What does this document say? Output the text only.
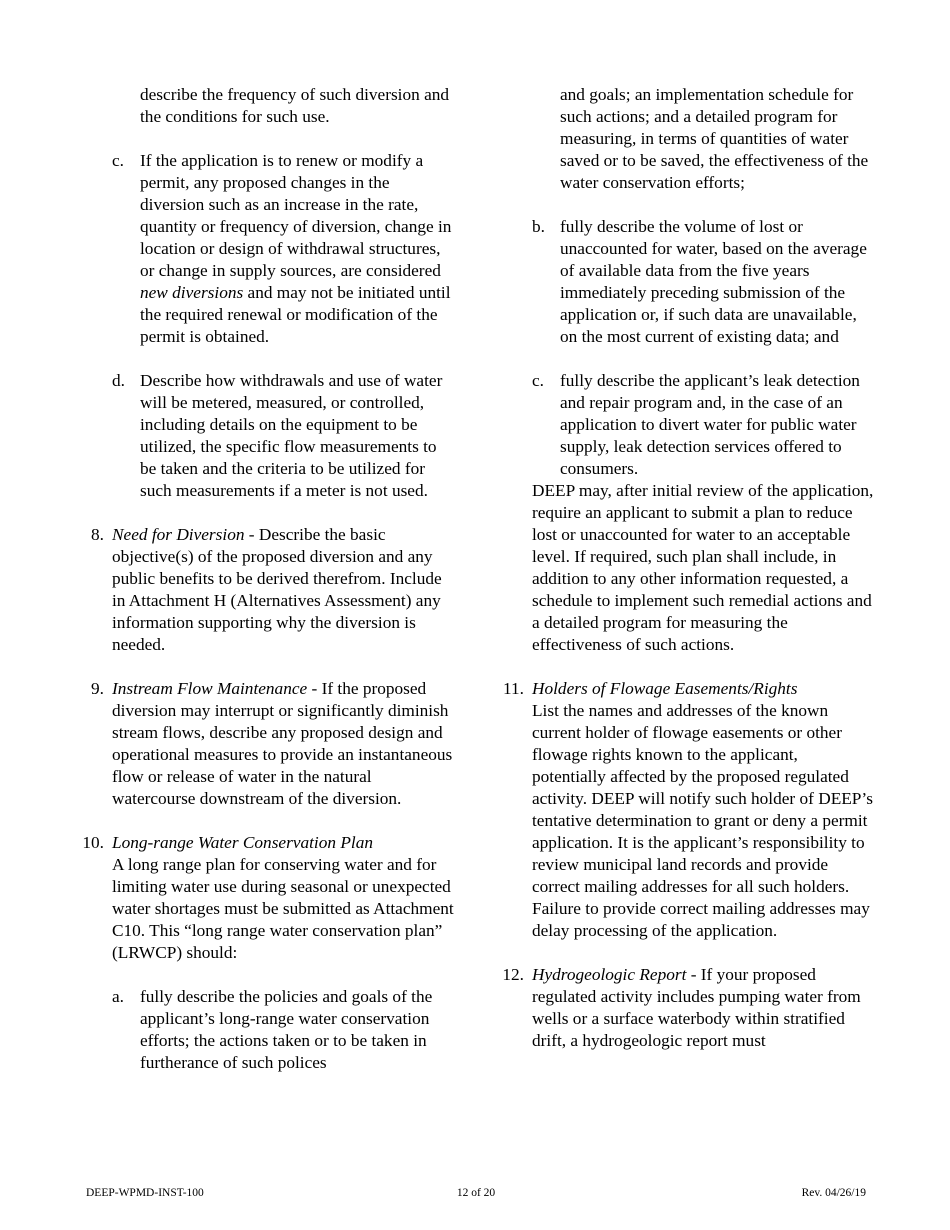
describe the frequency of such diversion and the conditions for such use.

c. If the application is to renew or modify a permit, any proposed changes in the diversion such as an increase in the rate, quantity or frequency of diversion, change in location or design of withdrawal structures, or change in supply sources, are considered new diversions and may not be initiated until the required renewal or modification of the permit is obtained.

d. Describe how withdrawals and use of water will be metered, measured, or controlled, including details on the equipment to be utilized, the specific flow measurements to be taken and the criteria to be utilized for such measurements if a meter is not used.

8. Need for Diversion - Describe the basic objective(s) of the proposed diversion and any public benefits to be derived therefrom. Include in Attachment H (Alternatives Assessment) any information supporting why the diversion is needed.

9. Instream Flow Maintenance - If the proposed diversion may interrupt or significantly diminish stream flows, describe any proposed design and operational measures to provide an instantaneous flow or release of water in the natural watercourse downstream of the diversion.

10. Long-range Water Conservation Plan

A long range plan for conserving water and for limiting water use during seasonal or unexpected water shortages must be submitted as Attachment C10. This “long range water conservation plan” (LRWCP) should:

a. fully describe the policies and goals of the applicant’s long-range water conservation efforts; the actions taken or to be taken in furtherance of such polices

and goals; an implementation schedule for such actions; and a detailed program for measuring, in terms of quantities of water saved or to be saved, the effectiveness of the water conservation efforts;

b. fully describe the volume of lost or unaccounted for water, based on the average of available data from the five years immediately preceding submission of the application or, if such data are unavailable, on the most current of existing data; and

c. fully describe the applicant’s leak detection and repair program and, in the case of an application to divert water for public water supply, leak detection services offered to consumers.

DEEP may, after initial review of the application, require an applicant to submit a plan to reduce lost or unaccounted for water to an acceptable level. If required, such plan shall include, in addition to any other information requested, a schedule to implement such remedial actions and a detailed program for measuring the effectiveness of such actions.

11. Holders of Flowage Easements/Rights

List the names and addresses of the known current holder of flowage easements or other flowage rights known to the applicant, potentially affected by the proposed regulated activity. DEEP will notify such holder of DEEP’s tentative determination to grant or deny a permit application. It is the applicant’s responsibility to review municipal land records and provide correct mailing addresses for all such holders. Failure to provide correct mailing addresses may delay processing of the application.

12. Hydrogeologic Report - If your proposed regulated activity includes pumping water from wells or a surface waterbody within stratified drift, a hydrogeologic report must

DEEP-WPMD-INST-100	12 of 20	Rev. 04/26/19
